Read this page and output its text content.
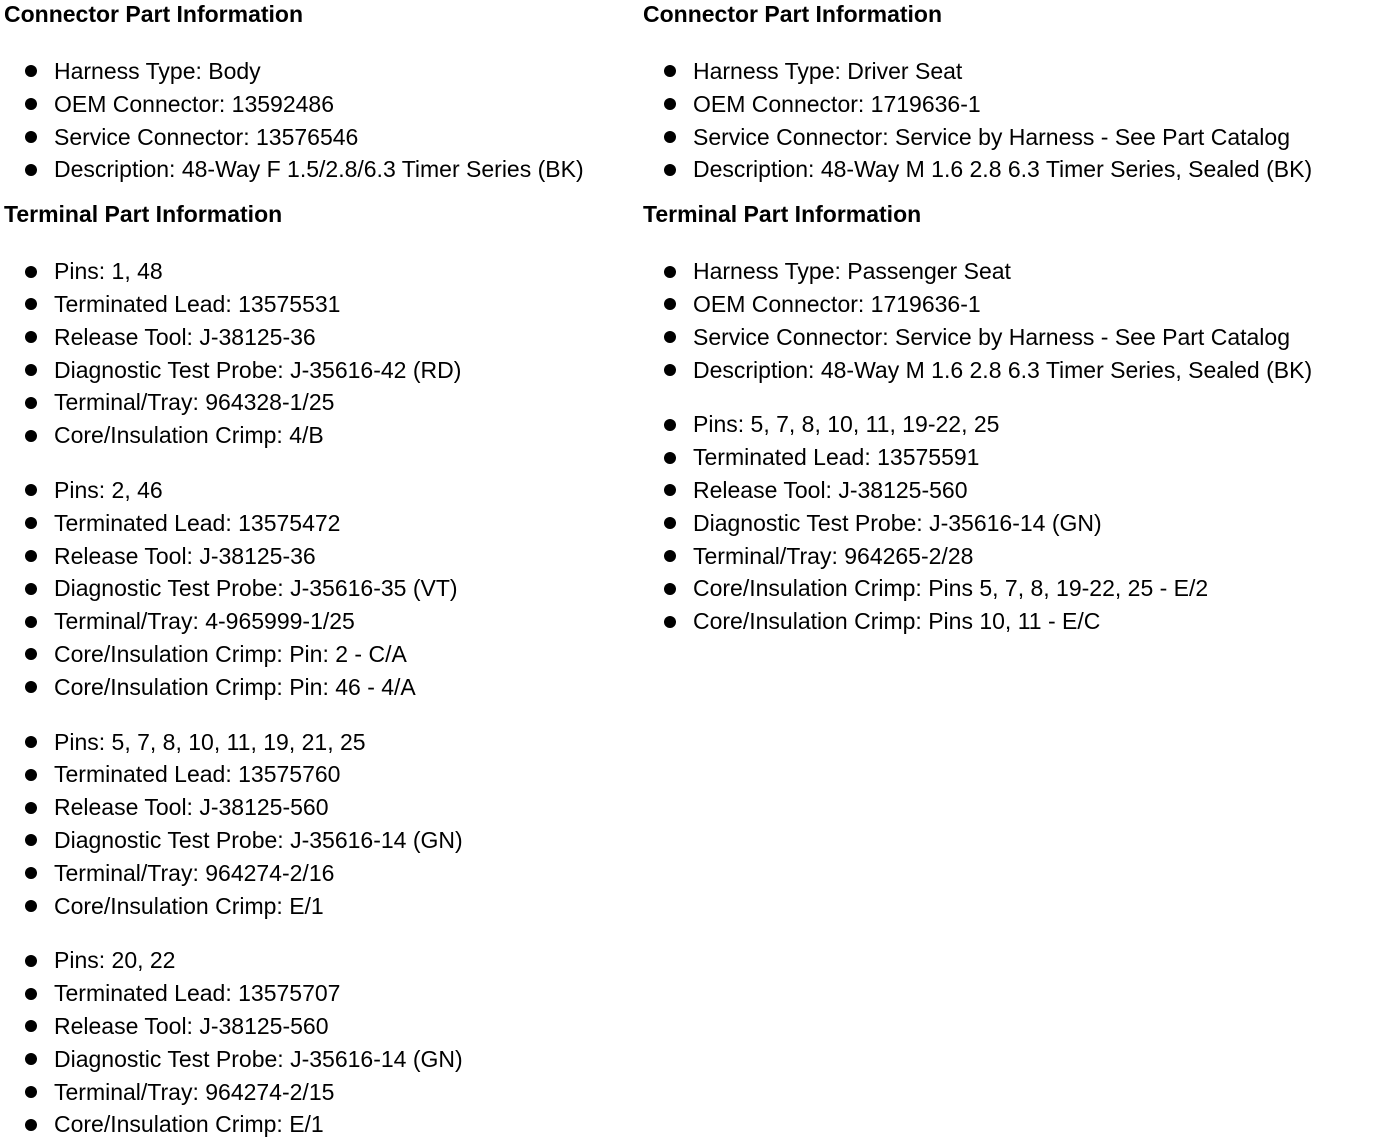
Connector Part Information
Harness Type: Body
OEM Connector: 13592486
Service Connector: 13576546
Description: 48-Way F 1.5/2.8/6.3 Timer Series (BK)
Terminal Part Information
Pins: 1, 48
Terminated Lead: 13575531
Release Tool: J-38125-36
Diagnostic Test Probe: J-35616-42 (RD)
Terminal/Tray: 964328-1/25
Core/Insulation Crimp: 4/B
Pins: 2, 46
Terminated Lead: 13575472
Release Tool: J-38125-36
Diagnostic Test Probe: J-35616-35 (VT)
Terminal/Tray: 4-965999-1/25
Core/Insulation Crimp: Pin: 2 - C/A
Core/Insulation Crimp: Pin: 46 - 4/A
Pins: 5, 7, 8, 10, 11, 19, 21, 25
Terminated Lead: 13575760
Release Tool: J-38125-560
Diagnostic Test Probe: J-35616-14 (GN)
Terminal/Tray: 964274-2/16
Core/Insulation Crimp: E/1
Pins: 20, 22
Terminated Lead: 13575707
Release Tool: J-38125-560
Diagnostic Test Probe: J-35616-14 (GN)
Terminal/Tray: 964274-2/15
Core/Insulation Crimp: E/1
Connector Part Information
Harness Type: Driver Seat
OEM Connector: 1719636-1
Service Connector: Service by Harness - See Part Catalog
Description: 48-Way M 1.6 2.8 6.3 Timer Series, Sealed (BK)
Terminal Part Information
Harness Type: Passenger Seat
OEM Connector: 1719636-1
Service Connector: Service by Harness - See Part Catalog
Description: 48-Way M 1.6 2.8 6.3 Timer Series, Sealed (BK)
Pins: 5, 7, 8, 10, 11, 19-22, 25
Terminated Lead: 13575591
Release Tool: J-38125-560
Diagnostic Test Probe: J-35616-14 (GN)
Terminal/Tray: 964265-2/28
Core/Insulation Crimp: Pins 5, 7, 8, 19-22, 25 - E/2
Core/Insulation Crimp: Pins 10, 11 - E/C
